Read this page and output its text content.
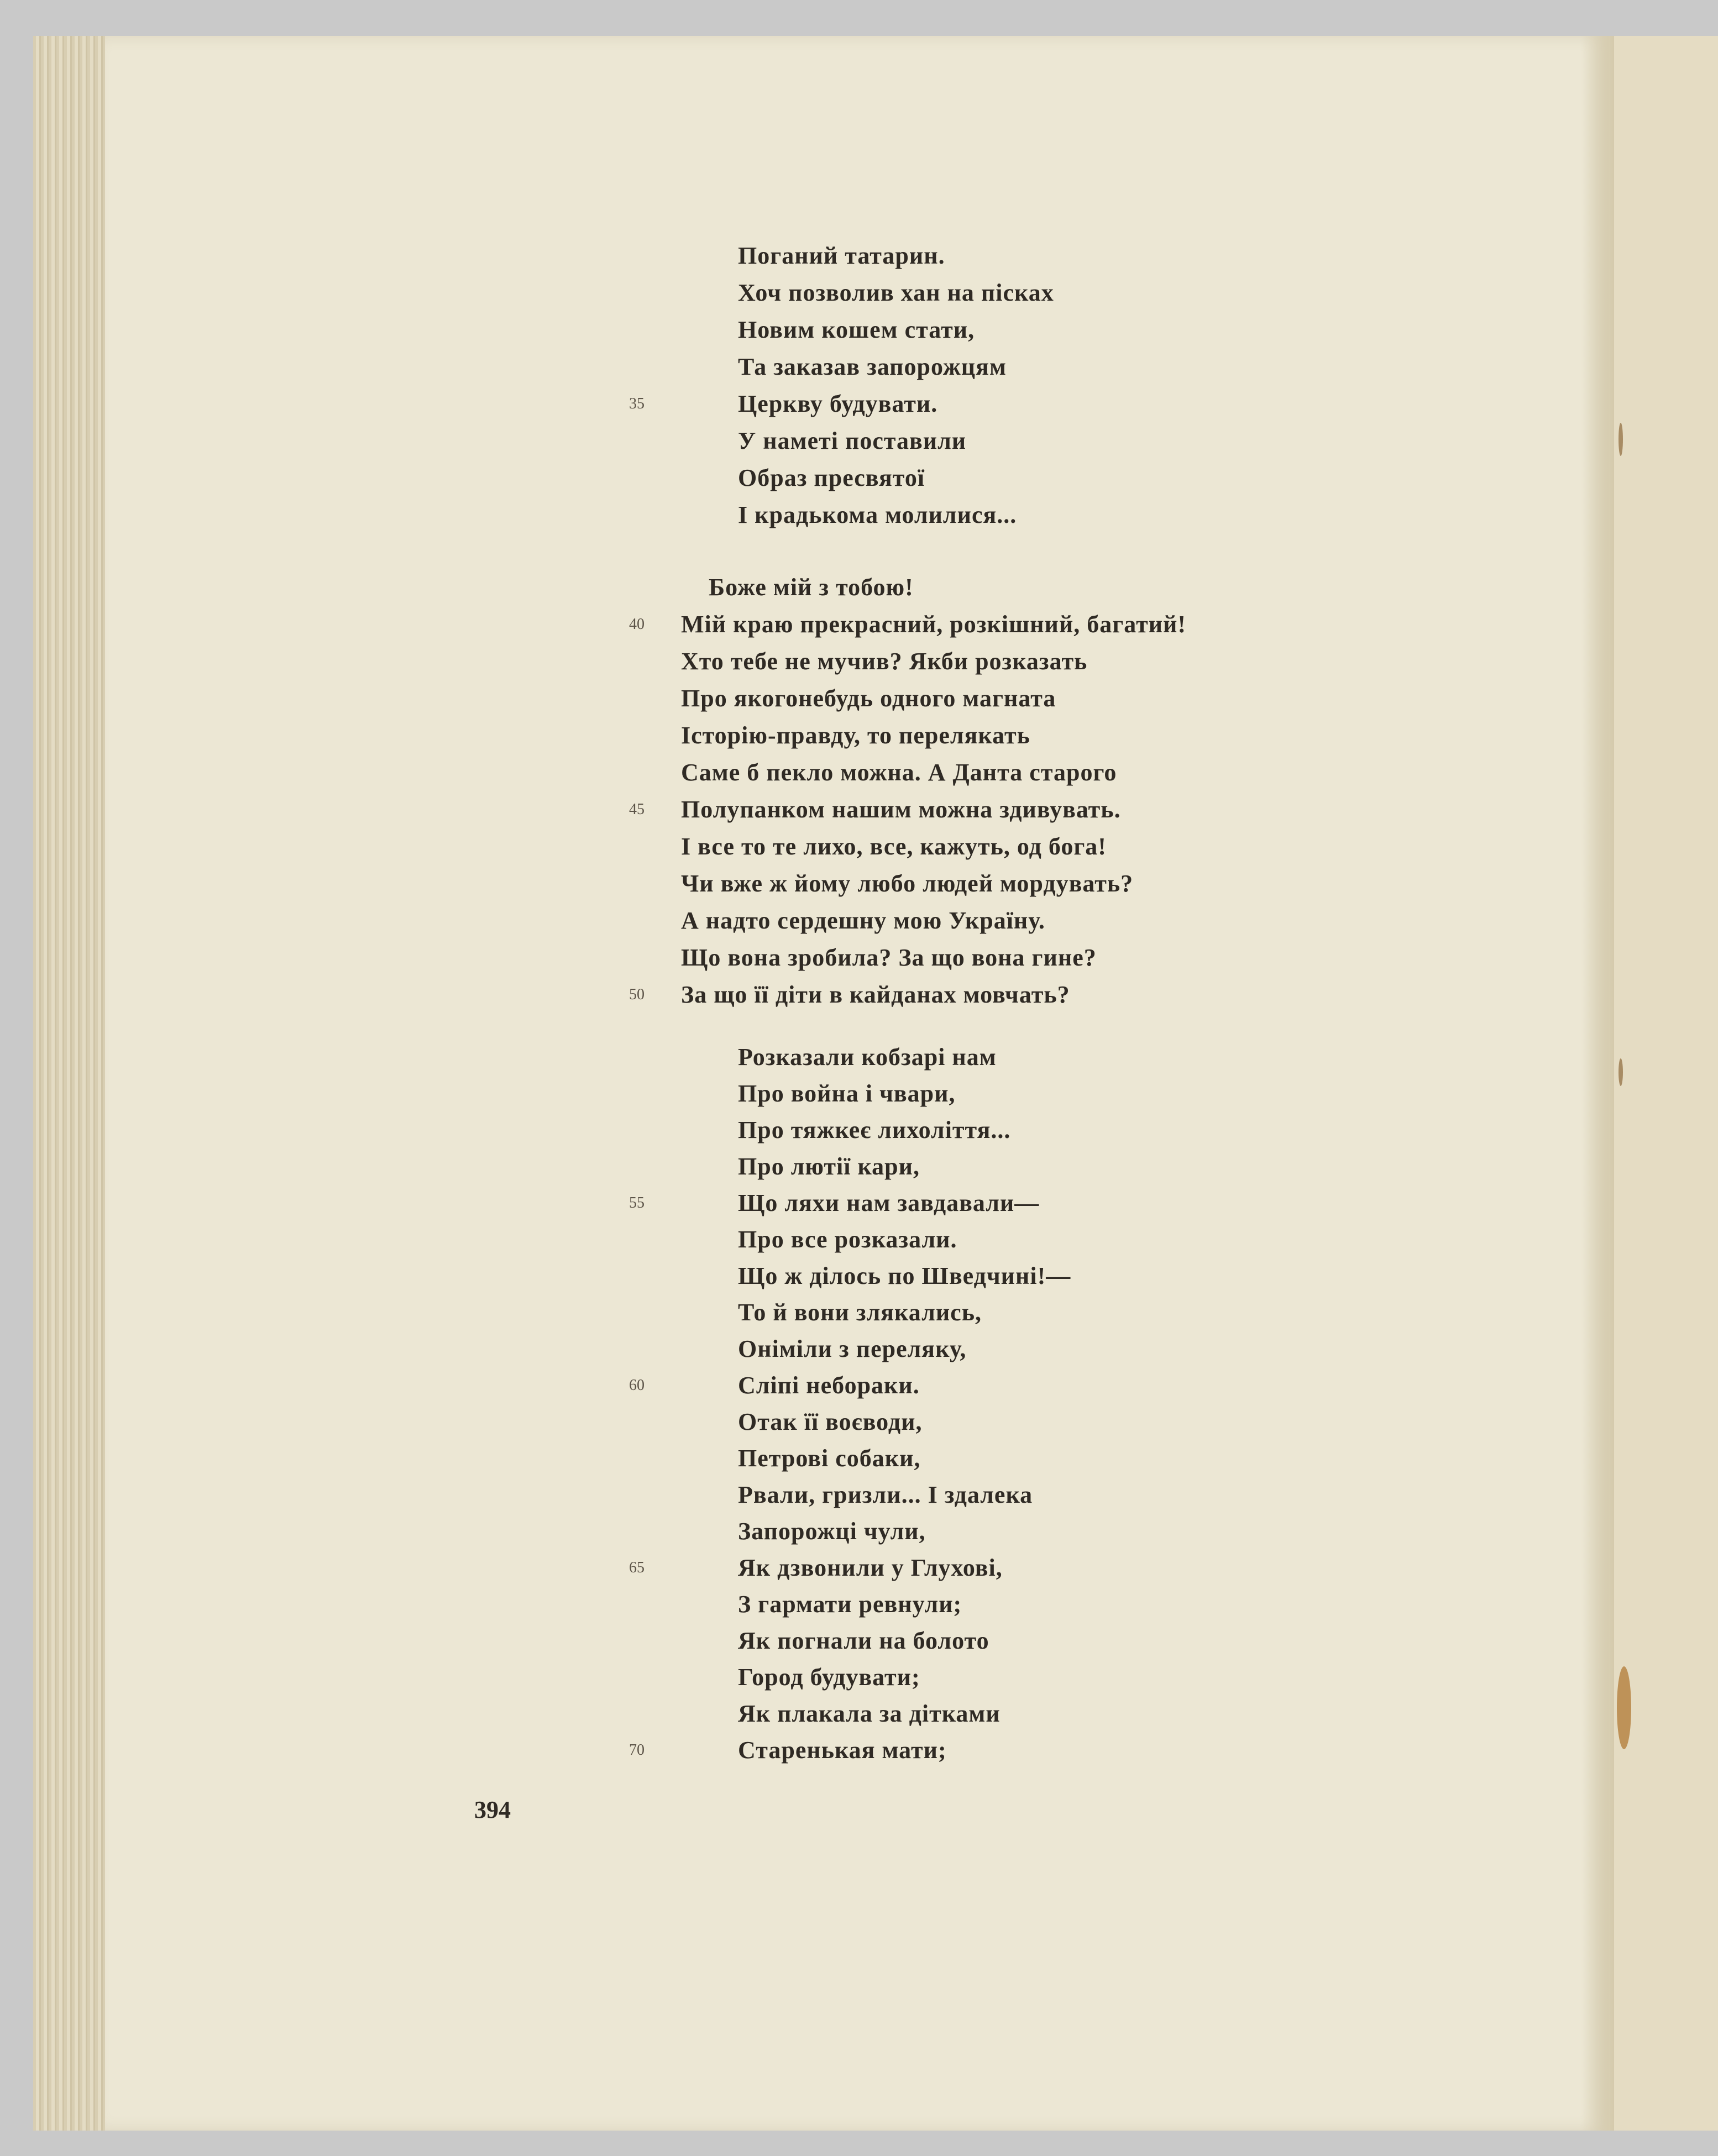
Поганий татарин.
Хоч позволив хан на пісках
Новим кошем стати,
Та заказав запорожцям
35	Церкву будувати.
У наметі поставили
Образ пресвятої
І крадькома молилися...
Боже мій з тобою!
40 Мій краю прекрасний, розкішний, багатий!
Хто тебе не мучив? Якби розказать
Про якогонебудь одного магната
Історію-правду, то перелякать
Саме б пекло можна. А Данта старого
45 Полупанком нашим можна здивувать.
І все то те лихо, все, кажуть, од бога!
Чи вже ж йому любо людей мордувать?
А надто сердешну мою Україну.
Що вона зробила? За що вона гине?
50 За що її діти в кайданах мовчать?
Розказали кобзарі нам
Про война і чвари,
Про тяжкеє лихоліття...
Про лютії кари,
55	Що ляхи нам завдавали—
Про все розказали.
Що ж ділось по Шведчині!—
То й вони злякались,
Оніміли з переляку,
60	Сліпі небораки.
Отак її воєводи,
Петрові собаки,
Рвали, гризли... І здалека
Запорожці чули,
65	Як дзвонили у Глухові,
З гармати ревнули;
Як погнали на болото
Город будувати;
Як плакала за дітками
70	Старенькая мати;
394
